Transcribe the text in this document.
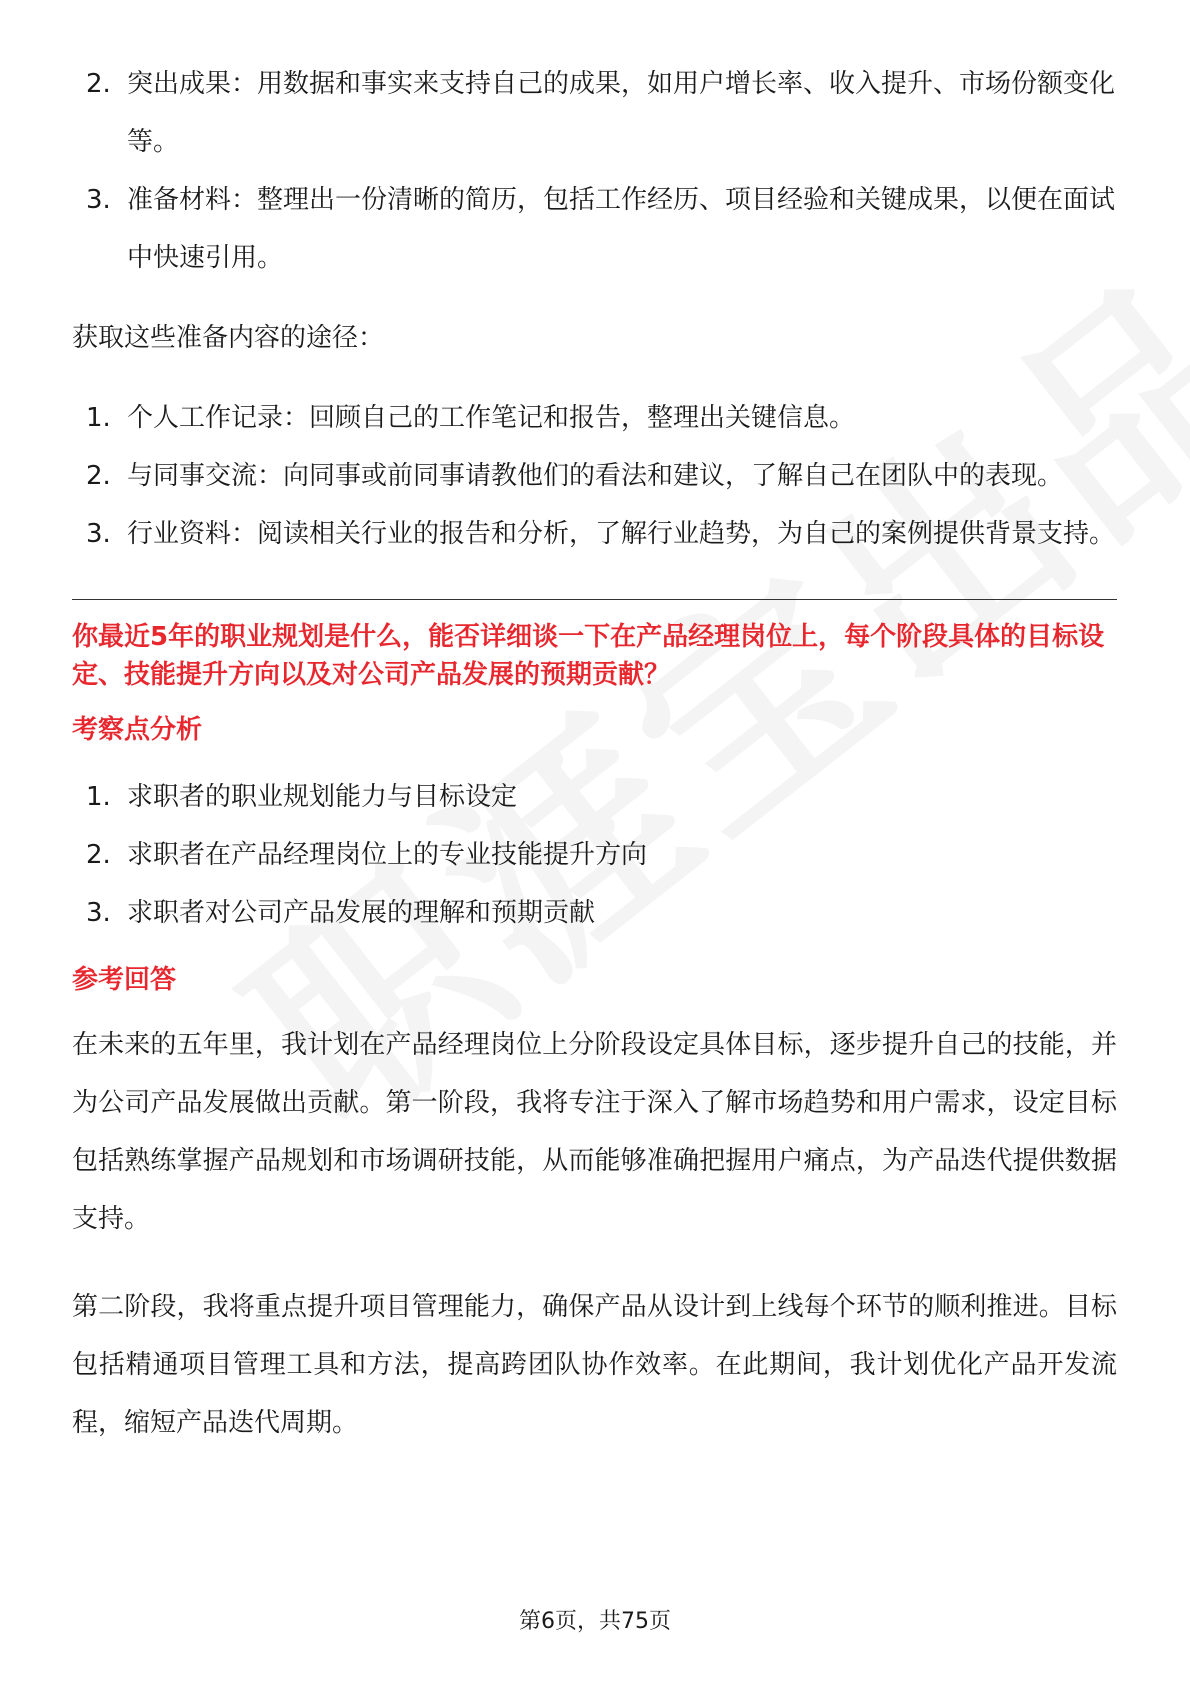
2. 突出成果：用数据和事实来支持自己的成果，如用户增长率、收入提升、市场份额变化等。
3. 准备材料：整理出一份清晰的简历，包括工作经历、项目经验和关键成果，以便在面试中快速引用。

获取这些准备内容的途径：

1. 个人工作记录：回顾自己的工作笔记和报告，整理出关键信息。
2. 与同事交流：向同事或前同事请教他们的看法和建议，了解自己在团队中的表现。
3. 行业资料：阅读相关行业的报告和分析，了解行业趋势，为自己的案例提供背景支持。

你最近5年的职业规划是什么，能否详细谈一下在产品经理岗位上，每个阶段具体的目标设定、技能提升方向以及对公司产品发展的预期贡献？

考察点分析

1. 求职者的职业规划能力与目标设定
2. 求职者在产品经理岗位上的专业技能提升方向
3. 求职者对公司产品发展的理解和预期贡献

参考回答

在未来的五年里，我计划在产品经理岗位上分阶段设定具体目标，逐步提升自己的技能，并为公司产品发展做出贡献。第一阶段，我将专注于深入了解市场趋势和用户需求，设定目标包括熟练掌握产品规划和市场调研技能，从而能够准确把握用户痛点，为产品迭代提供数据支持。

第二阶段，我将重点提升项目管理能力，确保产品从设计到上线每个环节的顺利推进。目标包括精通项目管理工具和方法，提高跨团队协作效率。在此期间，我计划优化产品开发流程，缩短产品迭代周期。

第6页，共75页
